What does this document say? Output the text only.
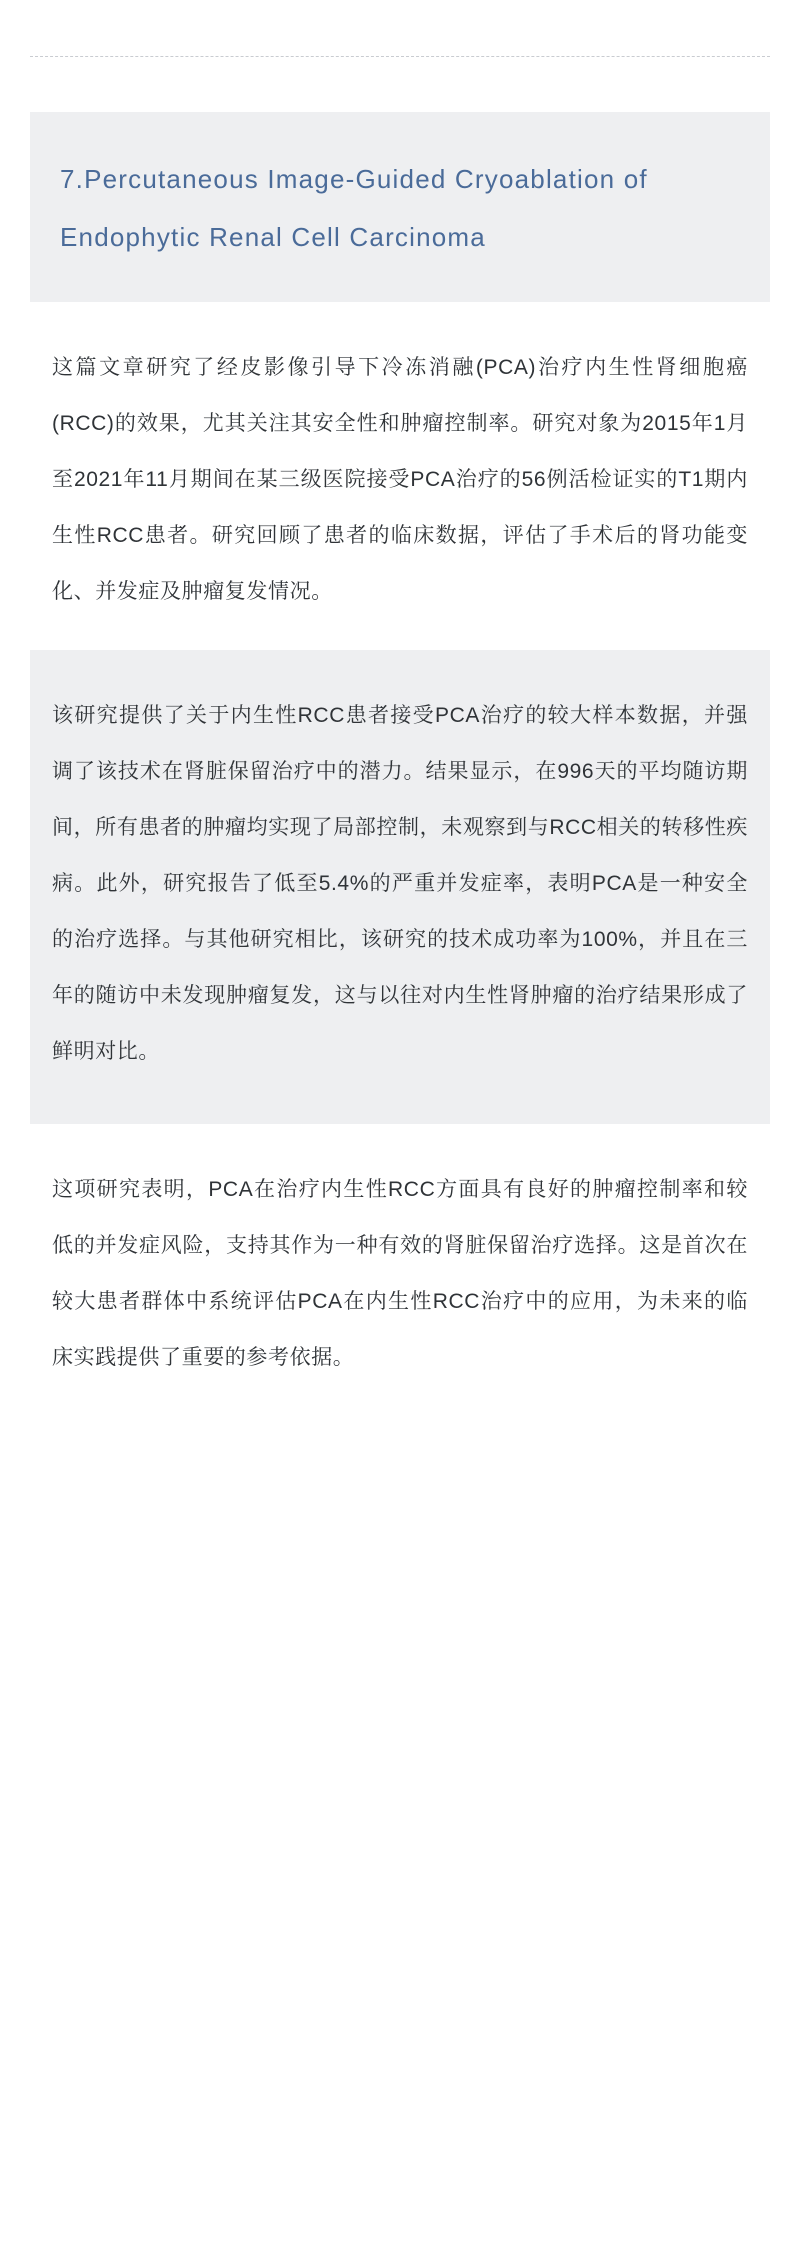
7.Percutaneous Image-Guided Cryoablation of Endophytic Renal Cell Carcinoma
这篇文章研究了经皮影像引导下冷冻消融(PCA)治疗内生性肾细胞癌(RCC)的效果，尤其关注其安全性和肿瘤控制率。研究对象为2015年1月至2021年11月期间在某三级医院接受PCA治疗的56例活检证实的T1期内生性RCC患者。研究回顾了患者的临床数据，评估了手术后的肾功能变化、并发症及肿瘤复发情况。
该研究提供了关于内生性RCC患者接受PCA治疗的较大样本数据，并强调了该技术在肾脏保留治疗中的潜力。结果显示，在996天的平均随访期间，所有患者的肿瘤均实现了局部控制，未观察到与RCC相关的转移性疾病。此外，研究报告了低至5.4%的严重并发症率，表明PCA是一种安全的治疗选择。与其他研究相比，该研究的技术成功率为100%，并且在三年的随访中未发现肿瘤复发，这与以往对内生性肾肿瘤的治疗结果形成了鲜明对比。
这项研究表明，PCA在治疗内生性RCC方面具有良好的肿瘤控制率和较低的并发症风险，支持其作为一种有效的肾脏保留治疗选择。这是首次在较大患者群体中系统评估PCA在内生性RCC治疗中的应用，为未来的临床实践提供了重要的参考依据。
